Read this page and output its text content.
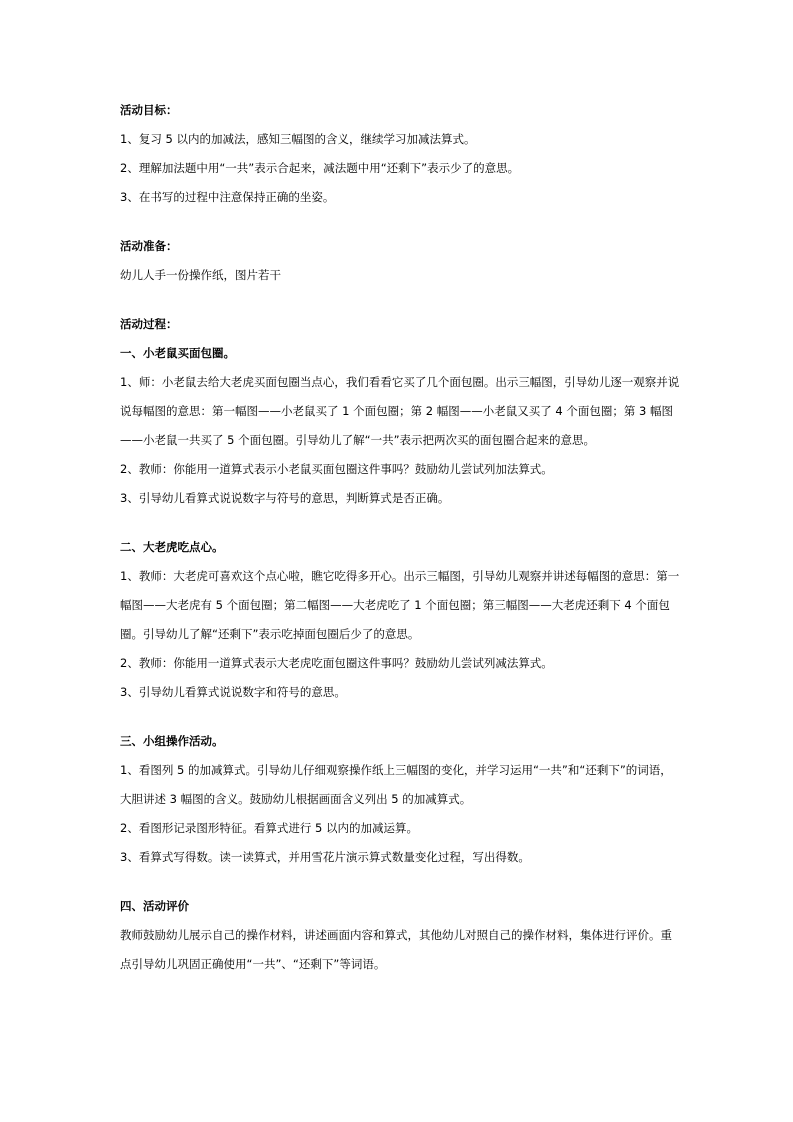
活动目标：

1、复习 5 以内的加减法，感知三幅图的含义，继续学习加减法算式。

2、理解加法题中用“一共”表示合起来，减法题中用“还剩下”表示少了的意思。

3、在书写的过程中注意保持正确的坐姿。

活动准备：

幼儿人手一份操作纸，图片若干

活动过程：

一、小老鼠买面包圈。

1、师：小老鼠去给大老虎买面包圈当点心，我们看看它买了几个面包圈。出示三幅图，引导幼儿逐一观察并说说每幅图的意思：第一幅图——小老鼠买了 1 个面包圈；第 2 幅图——小老鼠又买了 4 个面包圈；第 3 幅图——小老鼠一共买了 5 个面包圈。引导幼儿了解“一共”表示把两次买的面包圈合起来的意思。

2、教师：你能用一道算式表示小老鼠买面包圈这件事吗？鼓励幼儿尝试列加法算式。

3、引导幼儿看算式说说数字与符号的意思，判断算式是否正确。

二、大老虎吃点心。

1、教师：大老虎可喜欢这个点心啦，瞧它吃得多开心。出示三幅图，引导幼儿观察并讲述每幅图的意思：第一幅图——大老虎有 5 个面包圈；第二幅图——大老虎吃了 1 个面包圈；第三幅图——大老虎还剩下 4 个面包圈。引导幼儿了解“还剩下”表示吃掉面包圈后少了的意思。

2、教师：你能用一道算式表示大老虎吃面包圈这件事吗？鼓励幼儿尝试列减法算式。

3、引导幼儿看算式说说数字和符号的意思。

三、小组操作活动。

1、看图列 5 的加减算式。引导幼儿仔细观察操作纸上三幅图的变化，并学习运用“一共”和“还剩下”的词语，大胆讲述 3 幅图的含义。鼓励幼儿根据画面含义列出 5 的加减算式。

2、看图形记录图形特征。看算式进行 5 以内的加减运算。

3、看算式写得数。读一读算式，并用雪花片演示算式数量变化过程，写出得数。

四、活动评价

教师鼓励幼儿展示自己的操作材料，讲述画面内容和算式，其他幼儿对照自己的操作材料，集体进行评价。重点引导幼儿巩固正确使用“一共”、“还剩下”等词语。
